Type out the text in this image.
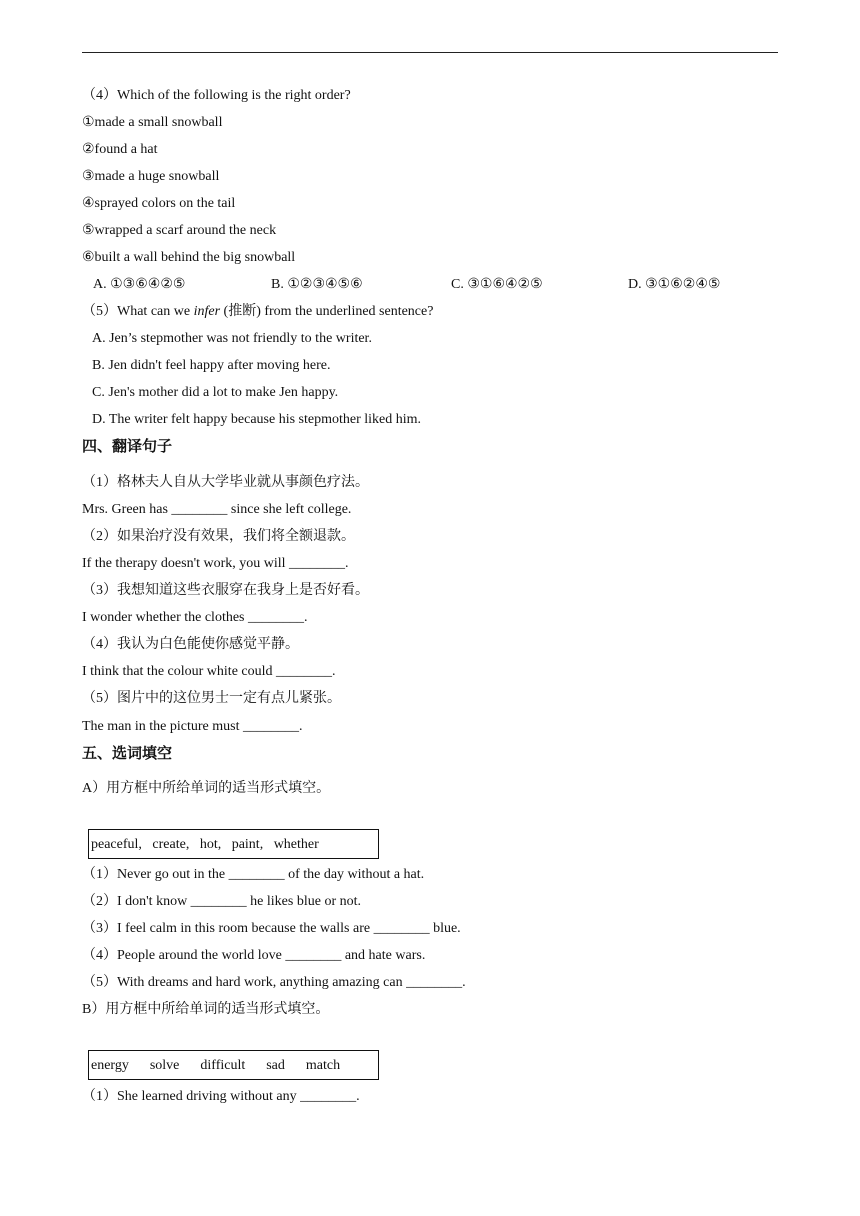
（4）Which of the following is the right order?
①made a small snowball
②found a hat
③made a huge snowball
④sprayed colors on the tail
⑤wrapped a scarf around the neck
⑥built a wall behind the big snowball
A. ①③⑥④②⑤	B. ①②③④⑤⑥	C. ③①⑥④②⑤	D. ③①⑥②④⑤
（5）What can we infer (推断) from the underlined sentence?
A. Jen’s stepmother was not friendly to the writer.
B. Jen didn't feel happy after moving here.
C. Jen's mother did a lot to make Jen happy.
D. The writer felt happy because his stepmother liked him.
四、翻译句子
（1）格林夫人自从大学毕业就从事颜色疗法。
Mrs. Green has ________ since she left college.
（2）如果治疗没有效果，我们将全额退款。
If the therapy doesn't work, you will ________.
（3）我想知道这些衣服穿在我身上是否好看。
I wonder whether the clothes ________.
（4）我认为白色能使你感觉平静。
I think that the colour white could ________.
（5）图片中的这位男士一定有点儿紧张。
The man in the picture must ________.
五、选词填空
A）用方框中所给单词的适当形式填空。
peaceful,   create,   hot,   paint,   whether
（1）Never go out in the ________ of the day without a hat.
（2）I don't know ________ he likes blue or not.
（3）I feel calm in this room because the walls are ________ blue.
（4）People around the world love ________ and hate wars.
（5）With dreams and hard work, anything amazing can ________.
B）用方框中所给单词的适当形式填空。
energy      solve      difficult      sad      match
（1）She learned driving without any ________.
